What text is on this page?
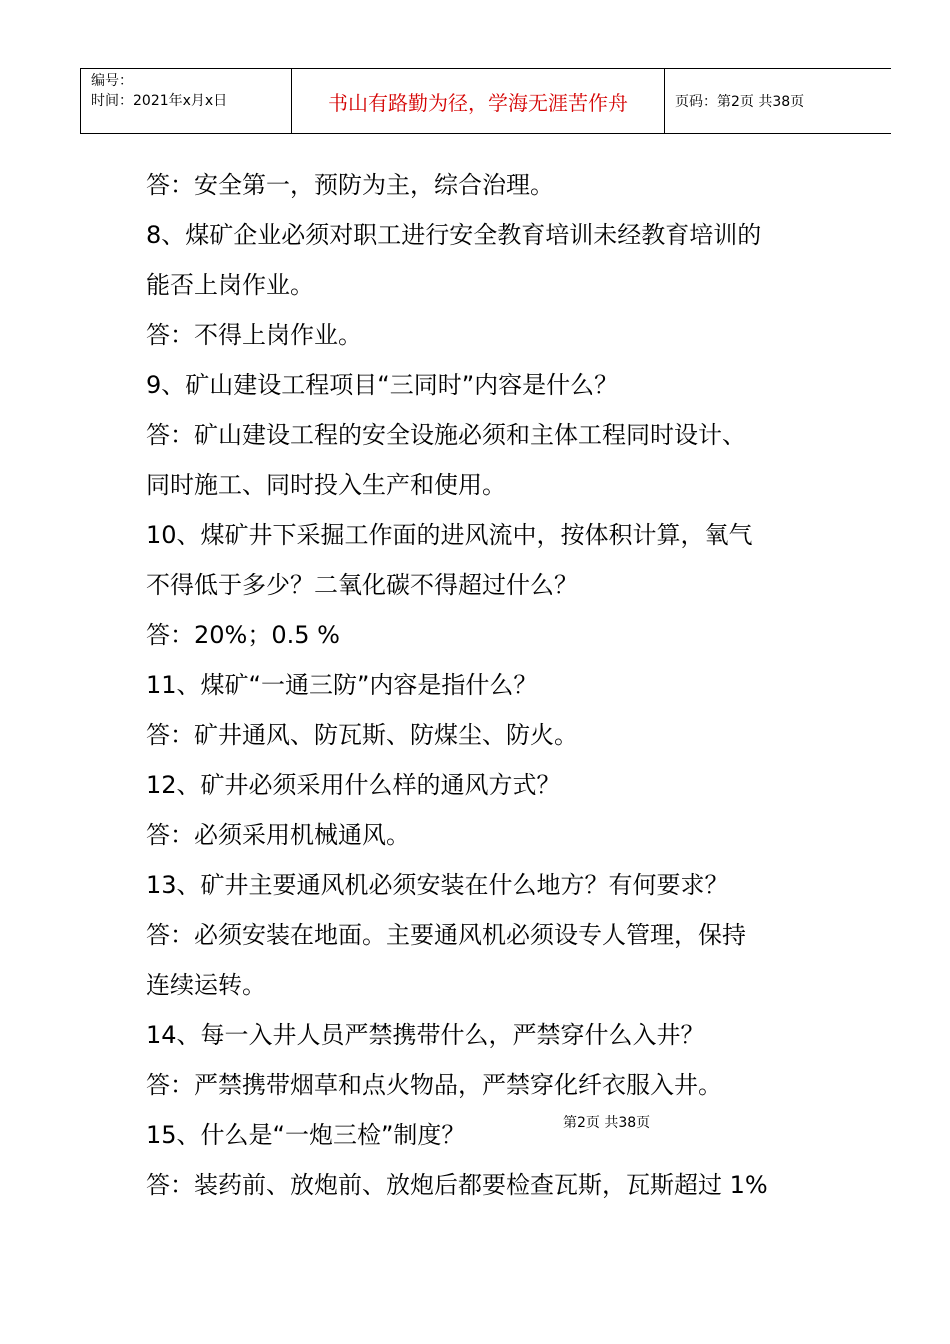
编号：
时间：2021年x月x日	书山有路勤为径，学海无涯苦作舟	页码：第2页 共38页

答：安全第一，预防为主，综合治理。

8、煤矿企业必须对职工进行安全教育培训未经教育培训的

能否上岗作业。

答：不得上岗作业。

9、矿山建设工程项目“三同时”内容是什么？

答：矿山建设工程的安全设施必须和主体工程同时设计、

同时施工、同时投入生产和使用。

10、煤矿井下采掘工作面的进风流中，按体积计算，氧气

不得低于多少？二氧化碳不得超过什么？

答：20%；0.5 %

11、煤矿“一通三防”内容是指什么？

答：矿井通风、防瓦斯、防煤尘、防火。

12、矿井必须采用什么样的通风方式？

答：必须采用机械通风。

13、矿井主要通风机必须安装在什么地方？有何要求？

答：必须安装在地面。主要通风机必须设专人管理，保持

连续运转。

14、每一入井人员严禁携带什么，严禁穿什么入井？

答：严禁携带烟草和点火物品，严禁穿化纤衣服入井。

15、什么是“一炮三检”制度？

答：装药前、放炮前、放炮后都要检查瓦斯，瓦斯超过 1%

第2页 共38页
